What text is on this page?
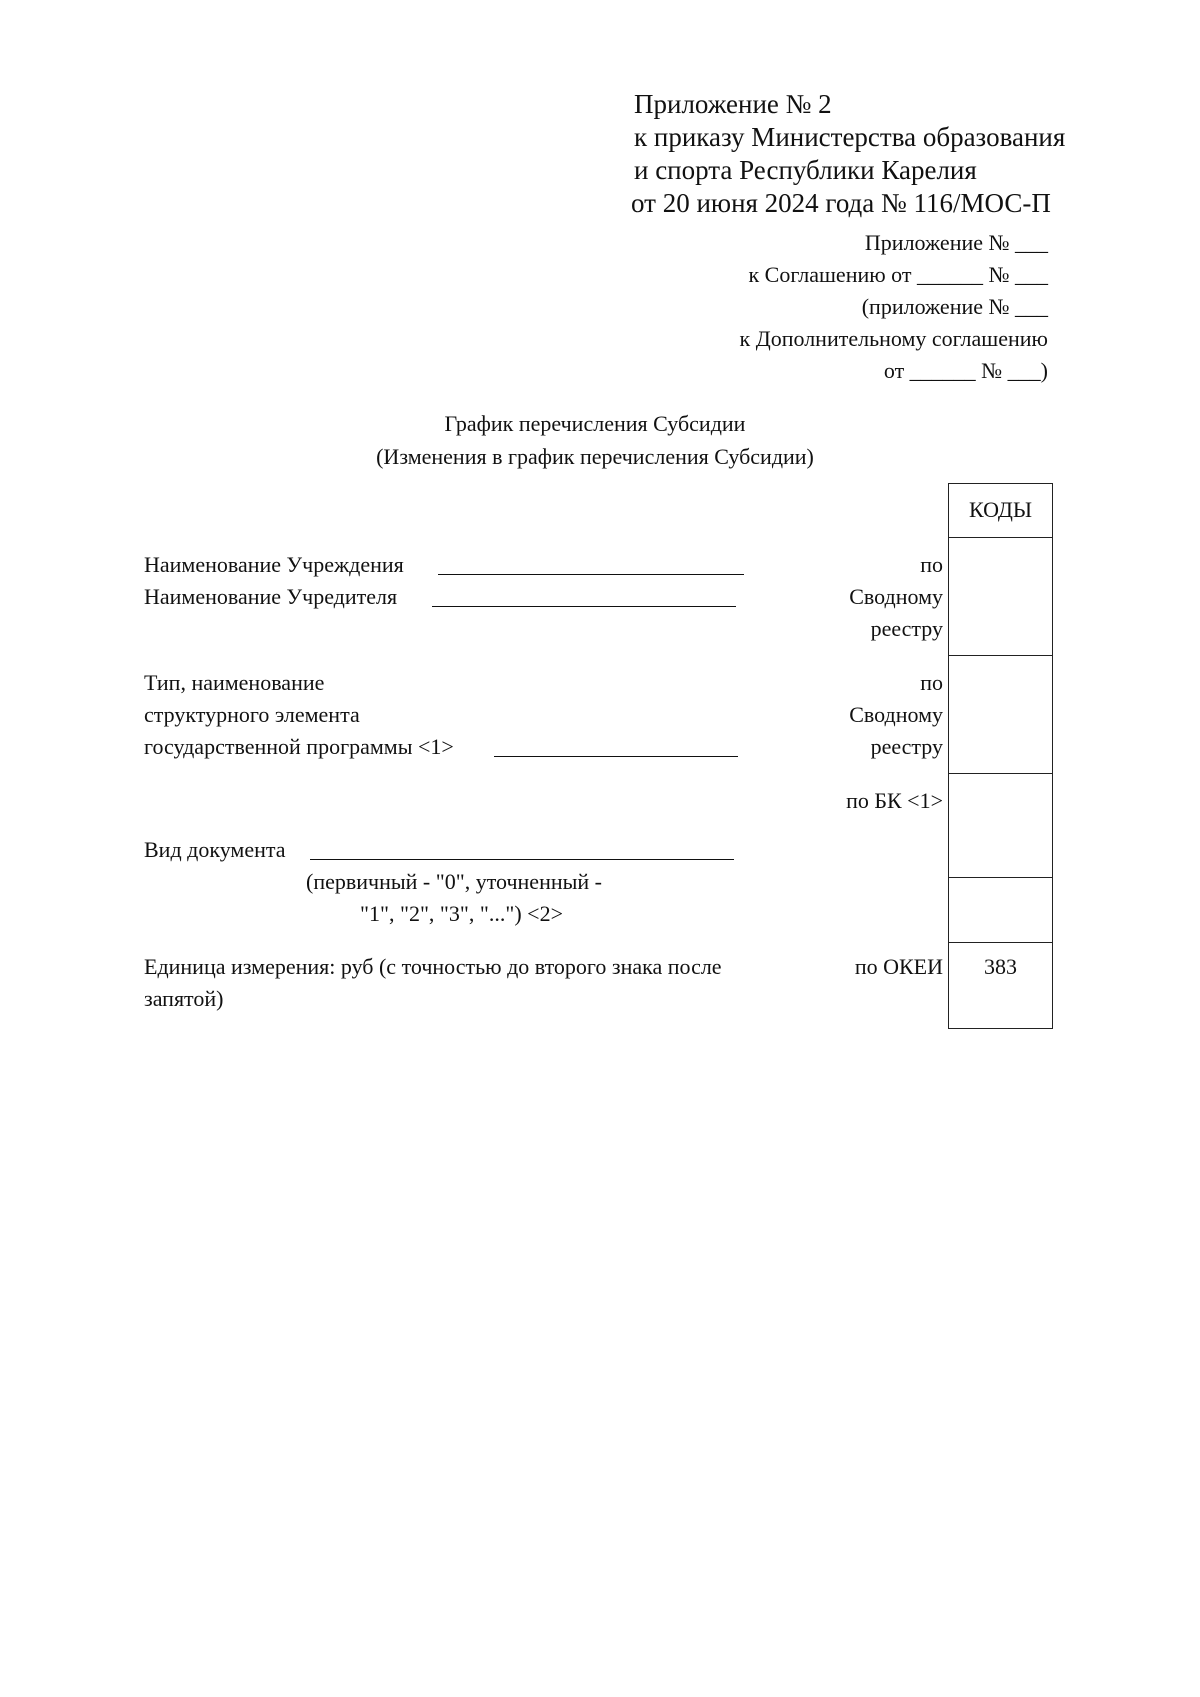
Приложение № 2
к приказу Министерства образования
и спорта Республики Карелия
от 20 июня 2024 года № 116/МОС-П
Приложение № ___
к Соглашению от ______ № ___
(приложение № ___
к Дополнительному соглашению
от ______ № ___)
График перечисления Субсидии
(Изменения в график перечисления Субсидии)
КОДЫ
383
по
Сводному
реестру
по
Сводному
реестру
по БК <1>
по ОКЕИ
Наименование Учреждения
Наименование Учредителя
Тип, наименование
структурного элемента
государственной программы <1>
Вид документа
(первичный - "0", уточненный -
"1", "2", "3", "...") <2>
Единица измерения: руб (с точностью до второго знака после
запятой)
